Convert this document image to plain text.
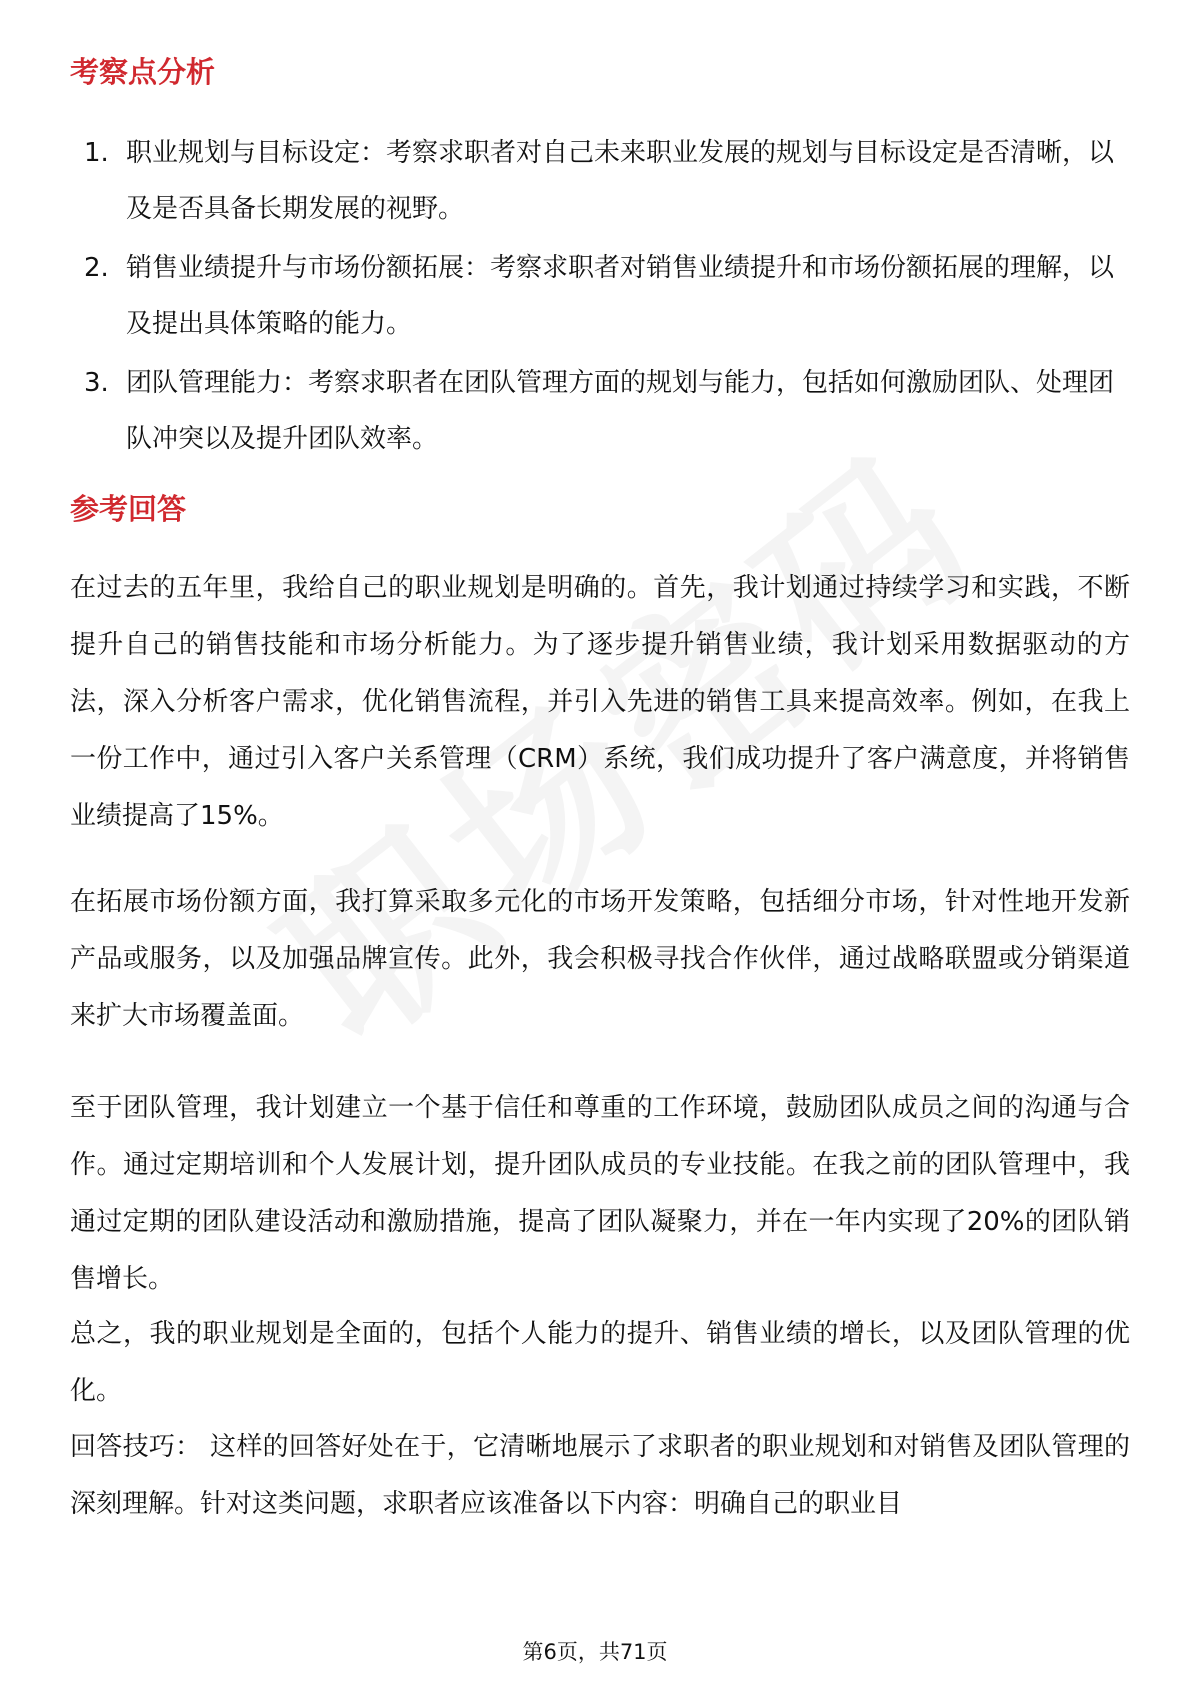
考察点分析
1. 职业规划与目标设定：考察求职者对自己未来职业发展的规划与目标设定是否清晰，以及是否具备长期发展的视野。
2. 销售业绩提升与市场份额拓展：考察求职者对销售业绩提升和市场份额拓展的理解，以及提出具体策略的能力。
3. 团队管理能力：考察求职者在团队管理方面的规划与能力，包括如何激励团队、处理团队冲突以及提升团队效率。
参考回答

在过去的五年里，我给自己的职业规划是明确的。首先，我计划通过持续学习和实践，不断提升自己的销售技能和市场分析能力。为了逐步提升销售业绩，我计划采用数据驱动的方法，深入分析客户需求，优化销售流程，并引入先进的销售工具来提高效率。例如，在我上一份工作中，通过引入客户关系管理（CRM）系统，我们成功提升了客户满意度，并将销售业绩提高了15%。

在拓展市场份额方面，我打算采取多元化的市场开发策略，包括细分市场，针对性地开发新产品或服务，以及加强品牌宣传。此外，我会积极寻找合作伙伴，通过战略联盟或分销渠道来扩大市场覆盖面。

至于团队管理，我计划建立一个基于信任和尊重的工作环境，鼓励团队成员之间的沟通与合作。通过定期培训和个人发展计划，提升团队成员的专业技能。在我之前的团队管理中，我通过定期的团队建设活动和激励措施，提高了团队凝聚力，并在一年内实现了20%的团队销售增长。

总之，我的职业规划是全面的，包括个人能力的提升、销售业绩的增长，以及团队管理的优化。

回答技巧： 这样的回答好处在于，它清晰地展示了求职者的职业规划和对销售及团队管理的深刻理解。针对这类问题，求职者应该准备以下内容：明确自己的职业目

第6页，共71页
